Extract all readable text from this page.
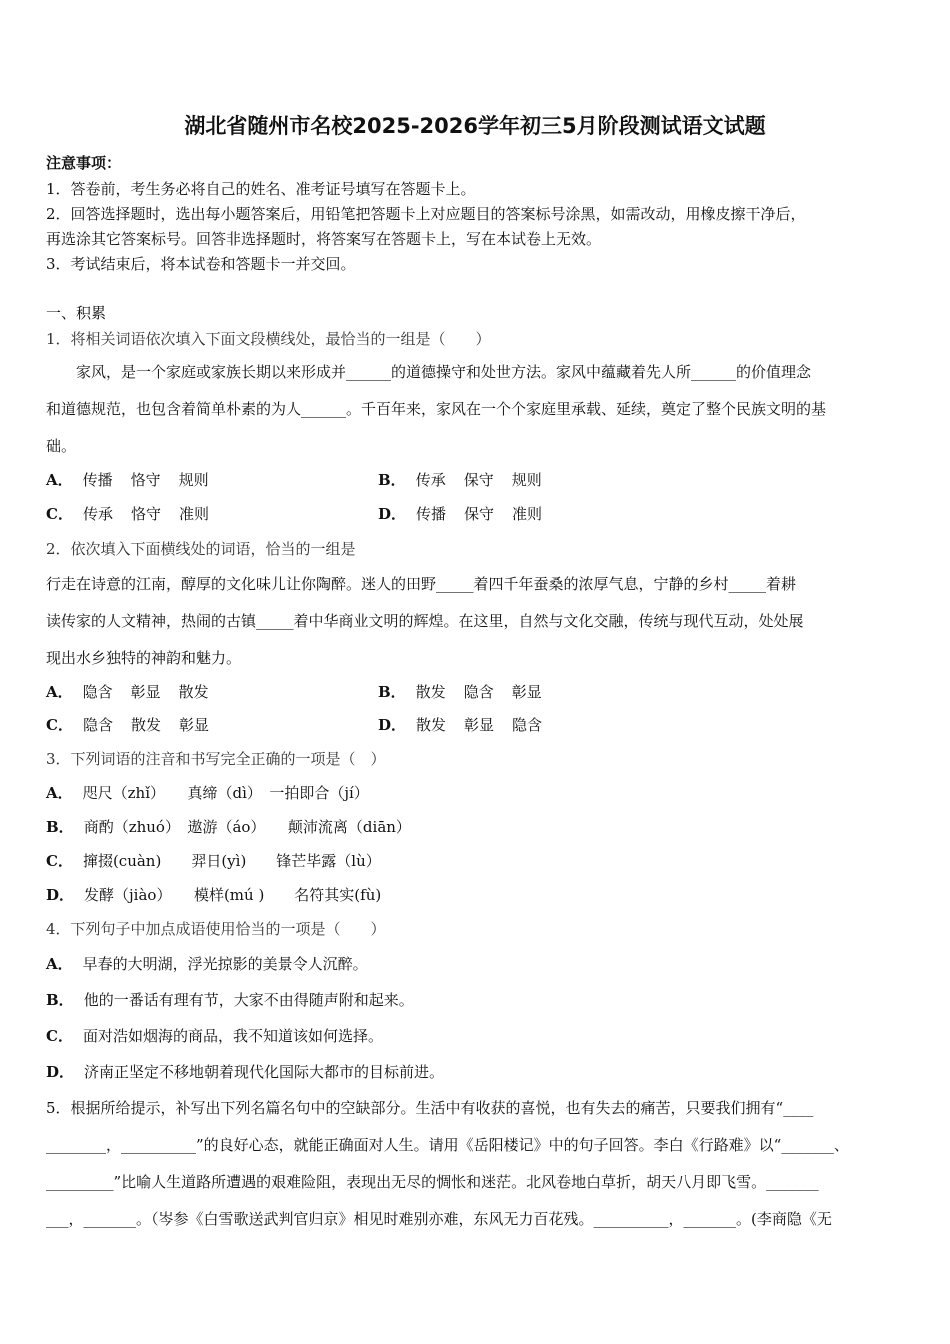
湖北省随州市名校2025-2026学年初三5月阶段测试语文试题
注意事项：
1．答卷前，考生务必将自己的姓名、准考证号填写在答题卡上。
2．回答选择题时，选出每小题答案后，用铅笔把答题卡上对应题目的答案标号涂黑，如需改动，用橡皮擦干净后，
再选涂其它答案标号。回答非选择题时，将答案写在答题卡上，写在本试卷上无效。
3．考试结束后，将本试卷和答题卡一并交回。
一、积累
1．将相关词语依次填入下面文段横线处，最恰当的一组是（　　）
　　家风，是一个家庭或家族长期以来形成并______的道德操守和处世方法。家风中蕴藏着先人所______的价值理念
和道德规范，也包含着简单朴素的为人______。千百年来，家风在一个个家庭里承载、延续，奠定了整个民族文明的基
础。
A． 传播 恪守 规则	B． 传承 保守 规则
C． 传承 恪守 准则	D． 传播 保守 准则
2．依次填入下面横线处的词语，恰当的一组是
行走在诗意的江南，醇厚的文化味儿让你陶醉。迷人的田野_____着四千年蚕桑的浓厚气息，宁静的乡村_____着耕
读传家的人文精神，热闹的古镇_____着中华商业文明的辉煌。在这里，自然与文化交融，传统与现代互动，处处展
现出水乡独特的神韵和魅力。
A． 隐含 彰显 散发	B． 散发 隐含 彰显
C． 隐含 散发 彰显	D． 散发 彰显 隐含
3．下列词语的注音和书写完全正确的一项是（　）
A． 咫尺（zhǐ）　　真缔（dì）　一拍即合（jí）
B． 商酌（zhuó）　遨游（áo）　　颠沛流离（diān）
C． 撺掇(cuàn)　　羿日(yì)　　锋芒毕露（lù）
D． 发酵（jiào）　　模样(mú )　　名符其实(fù)
4．下列句子中加点成语使用恰当的一项是（　　）
A． 早春的大明湖，浮光掠影的美景令人沉醉。
B． 他的一番话有理有节，大家不由得随声附和起来。
C． 面对浩如烟海的商品，我不知道该如何选择。
D． 济南正坚定不移地朝着现代化国际大都市的目标前进。
5．根据所给提示，补写出下列名篇名句中的空缺部分。生活中有收获的喜悦，也有失去的痛苦，只要我们拥有“____
________，__________”的良好心态，就能正确面对人生。请用《岳阳楼记》中的句子回答。李白《行路难》以“_______、
_________”比喻人生道路所遭遇的艰难险阻，表现出无尽的惆怅和迷茫。北风卷地白草折，胡天八月即飞雪。_______
___，_______。（岑参《白雪歌送武判官归京》相见时难别亦难，东风无力百花残。__________，_______。(李商隐《无
